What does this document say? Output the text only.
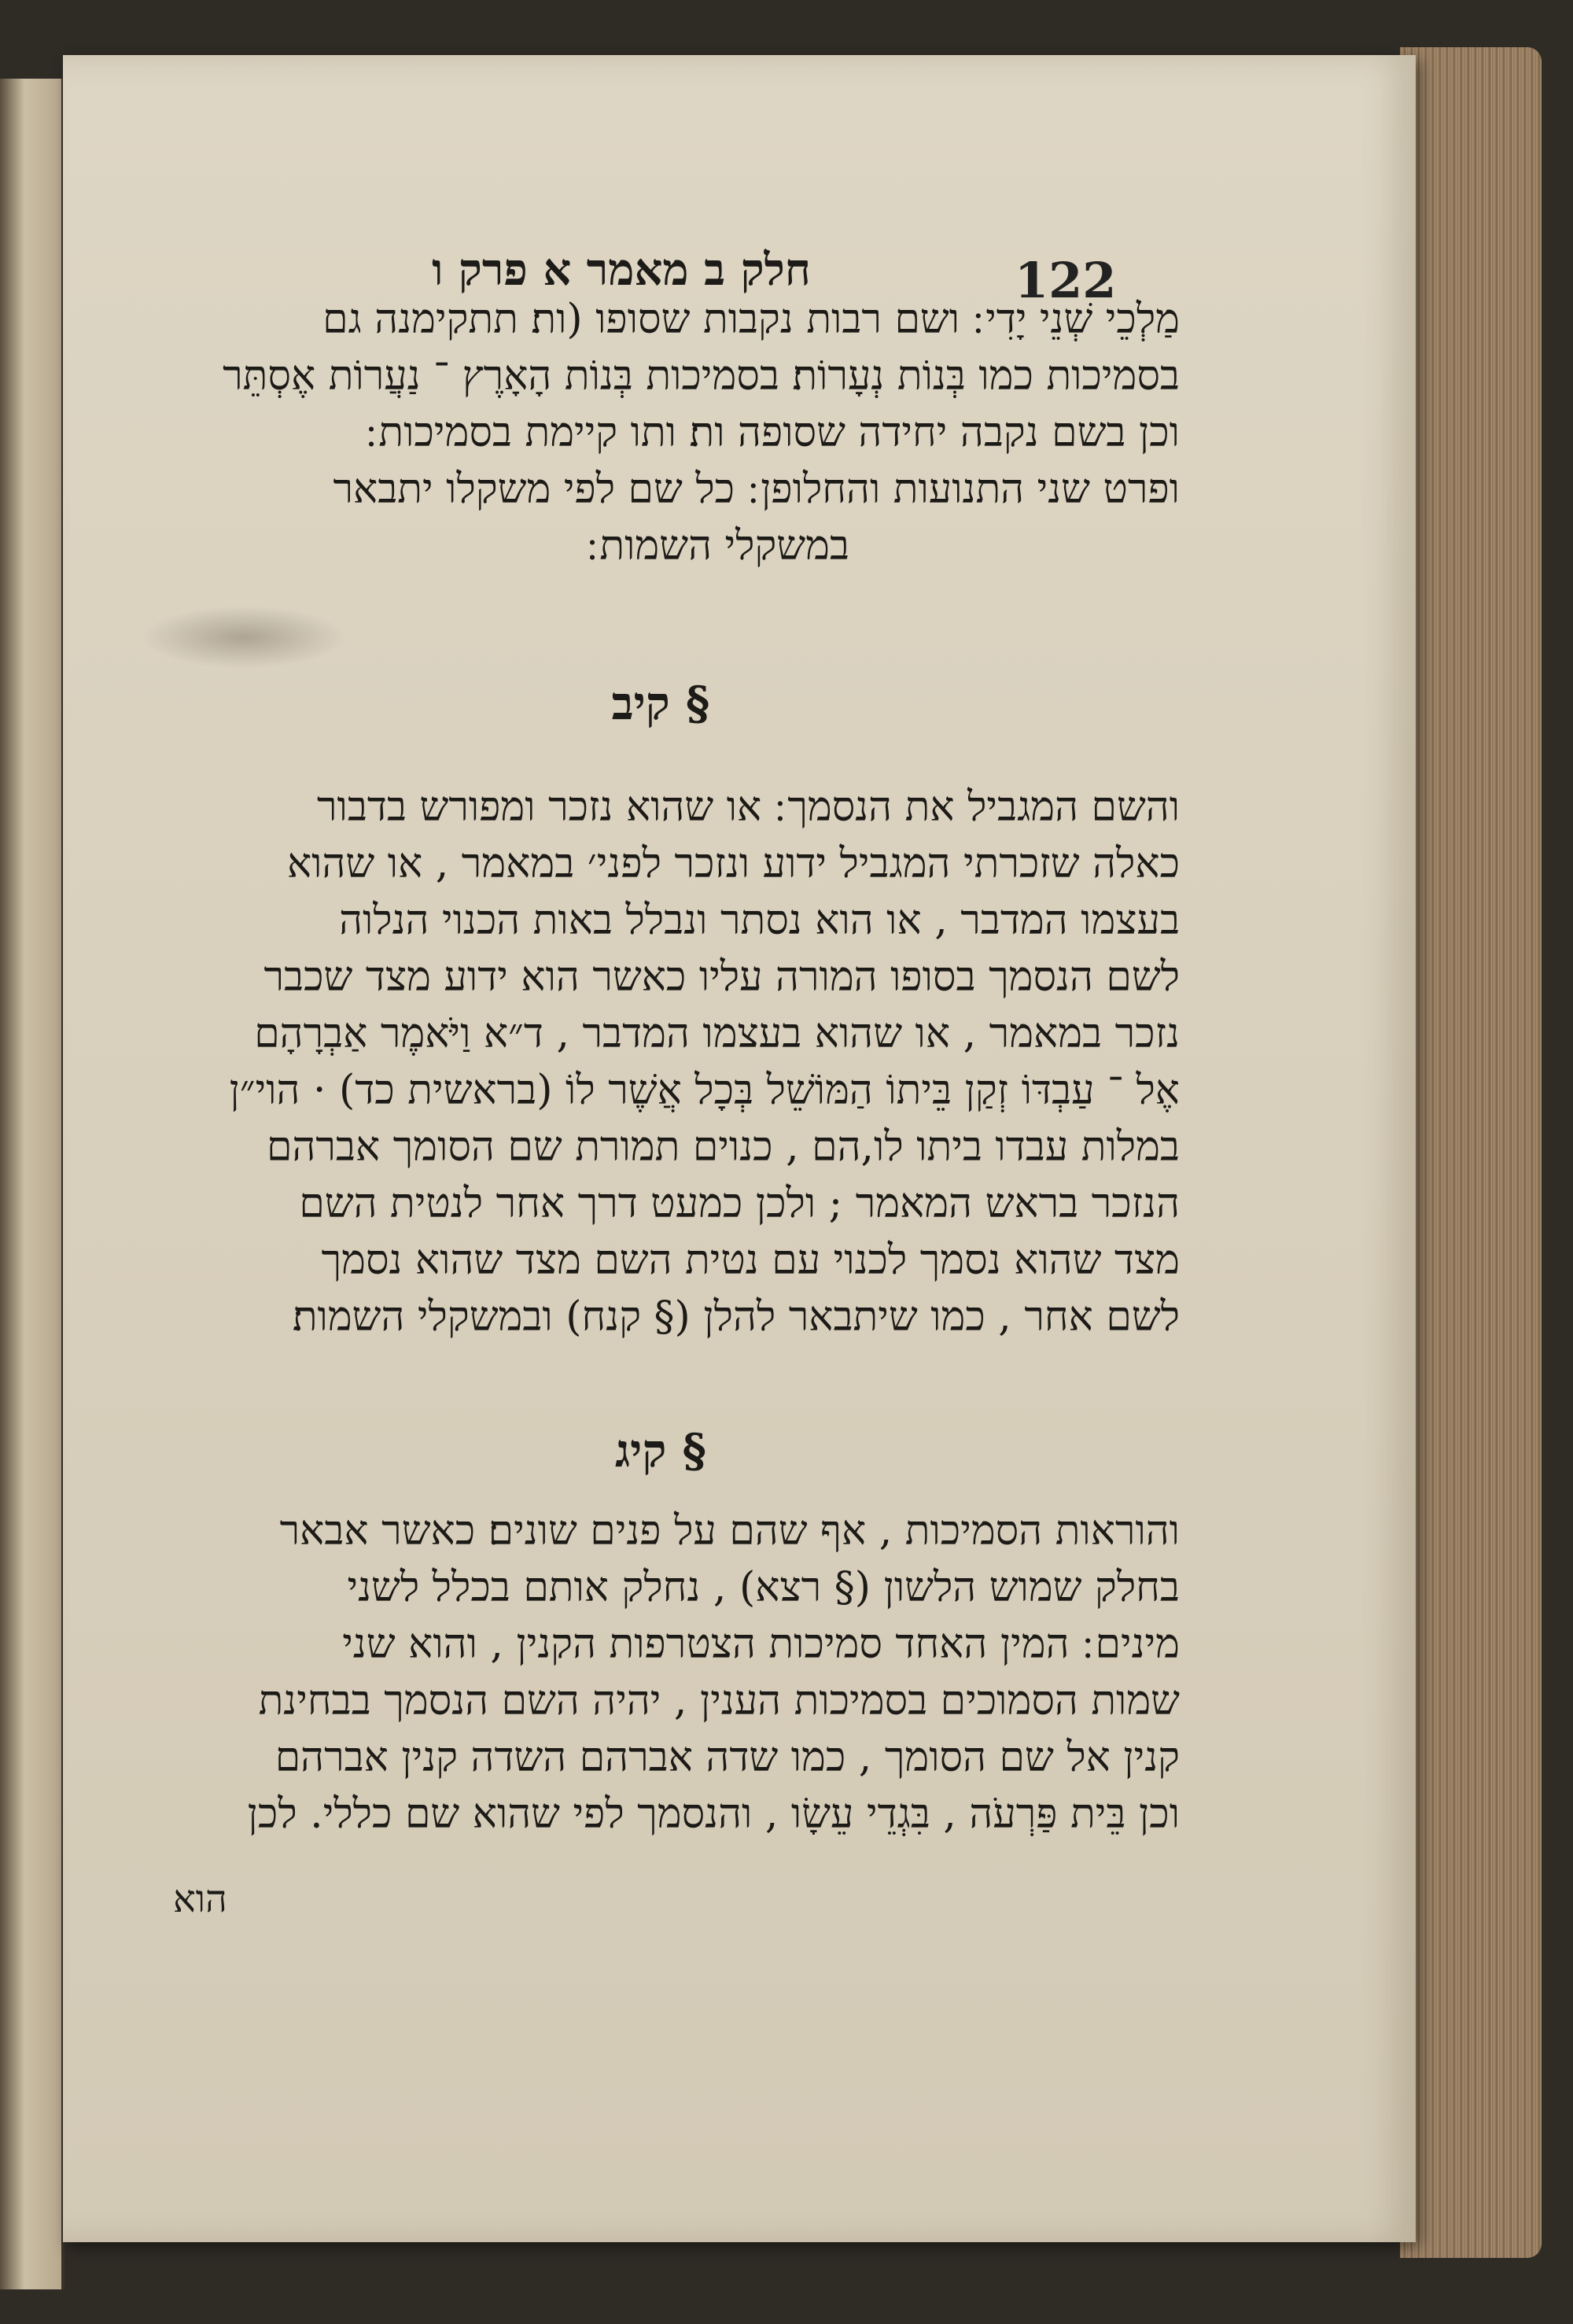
חלק ב מאמר א פרק ו	122
מַלְכֵי שְׁנֵי יָדִי ׃ ושם רבות נקבות שסופו (ות׃ תתקימנה גם
בסמיכות כמו בְּנוֹת נְעָרוֹת׃ בסמיכות בְּנוֹת הָאָרֶץ ־ נַעֲרוֹת אֶסְתֵּר
וכן בשם נקבה יחידה שסופה ות׃ ותו קיימת בסמיכות ׃
ופרט שני התנועות והחלופן ׃ כל שם לפי משקלו יתבאר
במשקלי השמות ׃
§ קיב
והשם המגביל את הנסמך ׃ או שהוא נזכר ומפורש בדבור
כאלה שזכרתי המגביל ידוע ונזכר לפני׳ במאמר , או שהוא
בעצמו המדבר , או הוא נסתר ונבלל באות הכנוי הנלוה
לשם הנסמך בסופו המורה עליו כאשר הוא ידוע מצד שכבר
נזכר במאמר , או שהוא בעצמו המדבר , ד״א וַיֹּאמֶר אַבְרָהָם
אֶל ־ עַבְדּוֹ זְקַן בֵּיתוֹ הַמּוֹשֵׁל בְּכָל אֲשֶׁר לוֹ (בראשית כד) · הוי״ן
במלות עבדו ביתו לו,הם , כנוים תמורת שם הסומך אברהם
הנזכר בראש המאמר ; ולכן כמעט דרך אחר לנטית השם
מצד שהוא נסמך לכנוי עם נטית השם מצד שהוא נסמך
לשם אחר , כמו שיתבאר להלן (§ קנח) ובמשקלי השמות׃
§ קיג
והוראות הסמיכות , אף שהם על פנים שונים׃ כאשר אבאר
בחלק שמוש הלשון (§ רצא) , נחלק אותם בכלל לשני
מינים ׃ המין האחד סמיכות הצטרפות הקנין , והוא שני
שמות הסמוכים בסמיכות הענין , יהיה השם הנסמך בבחינת
קנין אל שם הסומך , כמו שדה אברהם השדה קנין אברהם
וכן בֵּית פַּרְעֹה , בִּגְדֵי עֵשָׂו , והנסמך לפי שהוא שם כללי. לכן
הוא
